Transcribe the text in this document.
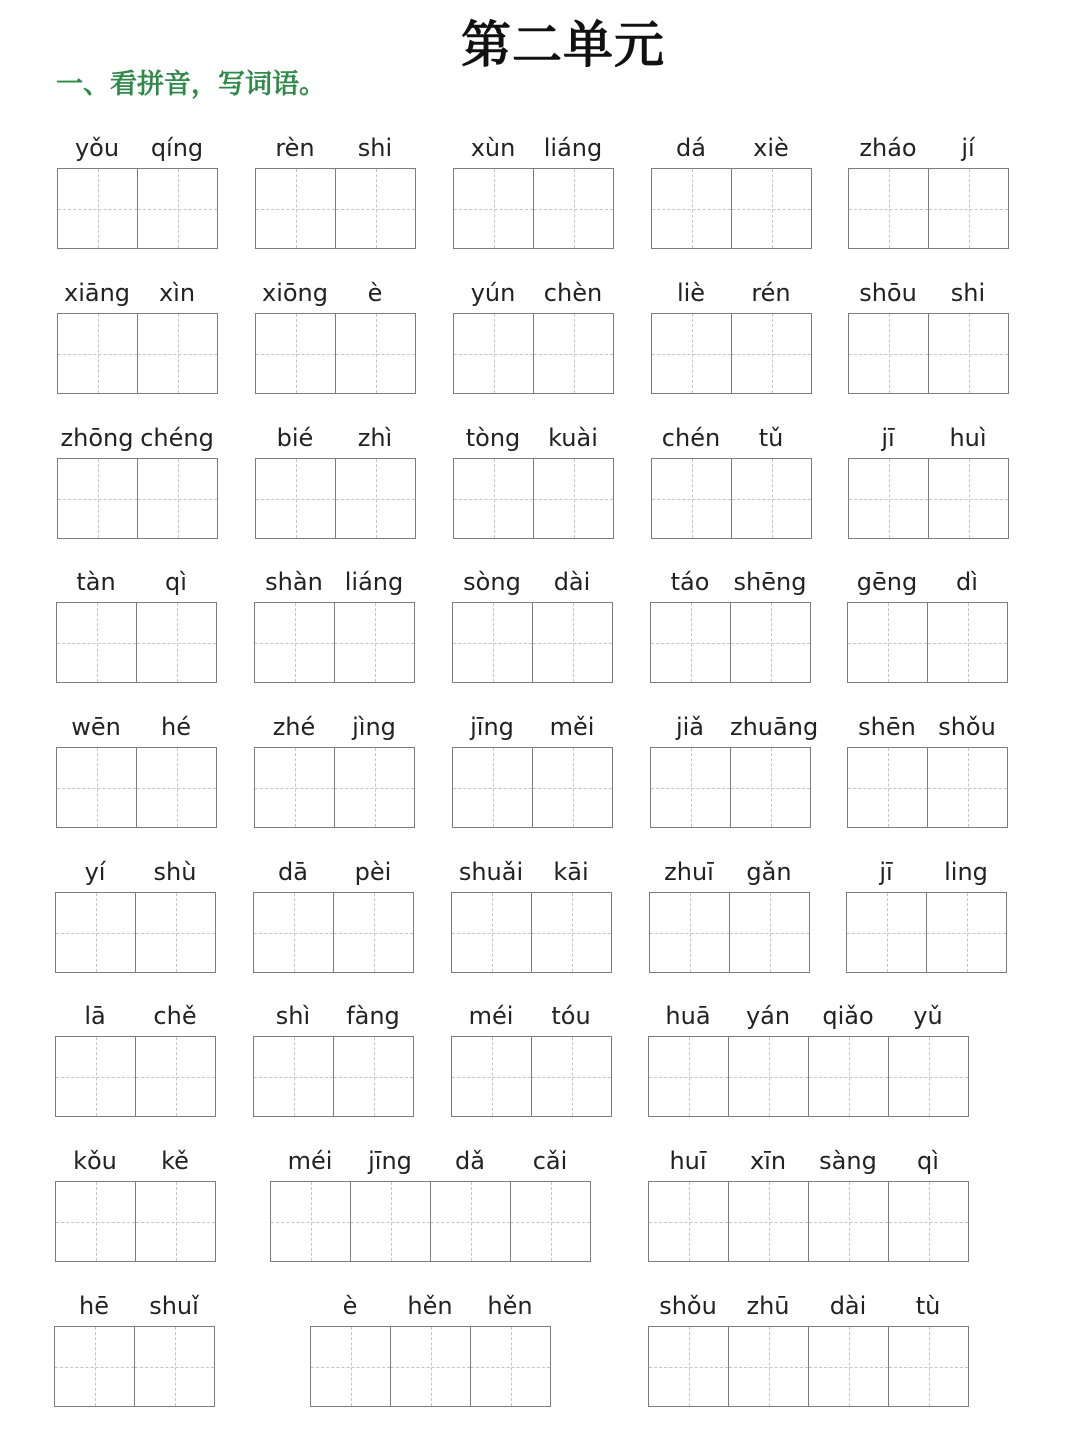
第二单元
一、看拼音，写词语。
yǒu	qíng	rèn	shi	xùn	liáng	dá	xiè	zháo	jí
xiāng	xìn	xiōng	è	yún	chèn	liè	rén	shōu	shi
zhōng chéng	bié	zhì	tòng	kuài	chén	tǔ	jī	huì
tàn	qì	shàn liáng	sòng	dài	táo	shēng	gēng	dì
wēn	hé	zhé	jìng	jīng	měi	jiǎ	zhuāng	shēn shǒu
yí	shù	dā	pèi	shuǎi	kāi	zhuī	gǎn	jī	ling
lā	chě	shì	fàng	méi	tóu	huā	yán	qiǎo	yǔ
kǒu	kě	méi	jīng	dǎ	cǎi	huī	xīn	sàng	qì
hē	shuǐ	è	hěn	hěn	shǒu	zhū	dài	tù
